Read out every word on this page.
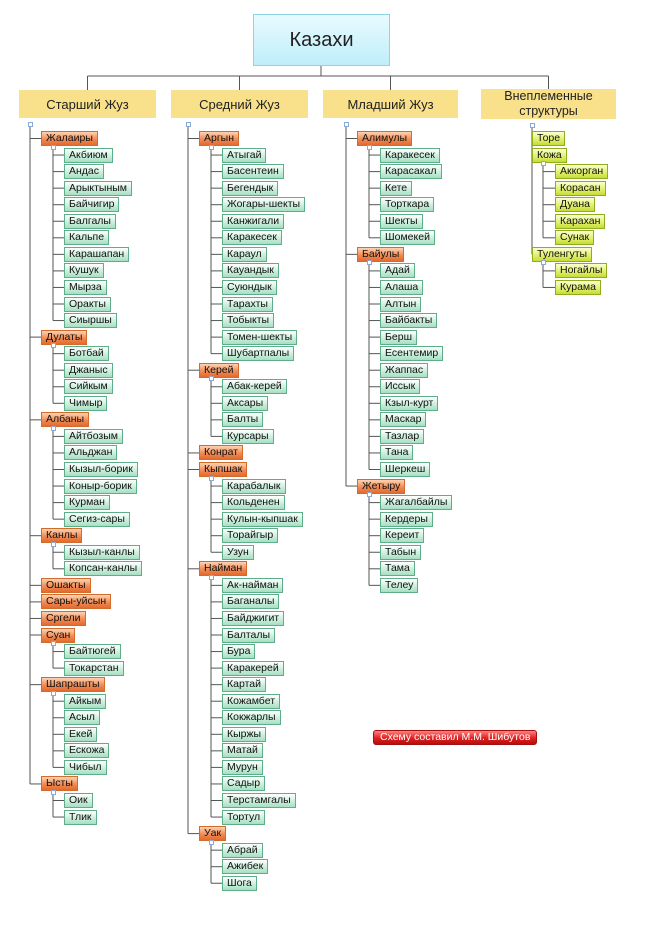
Казахи
Старший Жуз
Жалаиры
Акбиюм
Андас
Арыктыным
Байчигир
Балгалы
Кальпе
Карашапан
Кушук
Мырза
Оракты
Сиыршы
Дулаты
Ботбай
Джаныс
Сийкым
Чимыр
Албаны
Айтбозым
Альджан
Кызыл-борик
Коныр-борик
Курман
Сегиз-сары
Канлы
Кызыл-канлы
Копсан-канлы
Ошакты
Сары-уйсын
Сргели
Суан
Байтюгей
Токарстан
Шапрашты
Айкым
Асыл
Екей
Ескожа
Чибыл
Ысты
Оик
Тлик
Средний Жуз
Аргын
Атыгай
Басентеин
Бегендык
Жогары-шекты
Канжигали
Каракесек
Караул
Кауандык
Суюндык
Тарахты
Тобыкты
Томен-шекты
Шубартпалы
Керей
Абак-керей
Аксары
Балты
Курсары
Конрат
Кыпшак
Карабалык
Кольденен
Кулын-кыпшак
Торайгыр
Узун
Найман
Ак-найман
Баганалы
Байджигит
Балталы
Бура
Каракерей
Картай
Кожамбет
Кокжарлы
Кыржы
Матай
Мурун
Садыр
Терстамгалы
Тортул
Уак
Абрай
Ажибек
Шога
Младший Жуз
Алимулы
Каракесек
Карасакал
Кете
Торткара
Шекты
Шомекей
Байулы
Адай
Алаша
Алтын
Байбакты
Берш
Есентемир
Жаппас
Иссык
Кзыл-курт
Маскар
Тазлар
Тана
Шеркеш
Жетыру
Жагалбайлы
Кердеры
Кереит
Табын
Тама
Телеу
Внеплеменные структуры
Торе
Кожа
Аккорган
Корасан
Дуана
Карахан
Сунак
Туленгуты
Ногайлы
Курама
Схему составил М.М. Шибутов
